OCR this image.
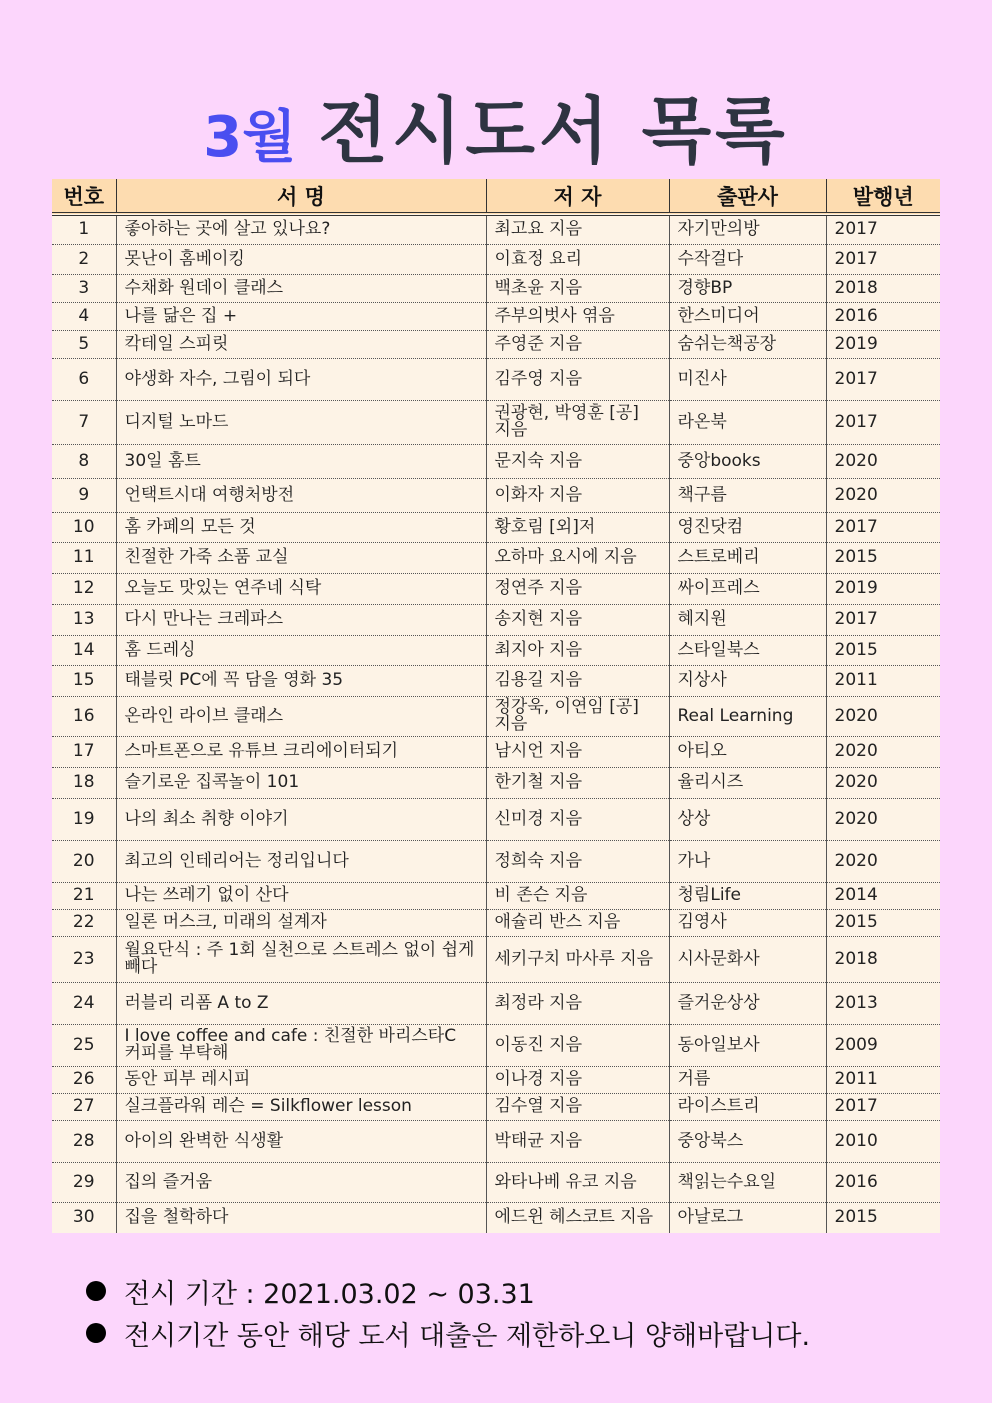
3월 전시도서 목록
번호	서 명	저 자	출판사	발행년
1	좋아하는 곳에 살고 있나요?	최고요 지음	자기만의방	2017
2	못난이 홈베이킹	이효정 요리	수작걸다	2017
3	수채화 원데이 클래스	백초윤 지음	경향BP	2018
4	나를 닮은 집 +	주부의벗사 엮음	한스미디어	2016
5	칵테일 스피릿	주영준 지음	숨쉬는책공장	2019
6	야생화 자수, 그림이 되다	김주영 지음	미진사	2017
7	디지털 노마드	권광현, 박영훈 [공]지음	라온북	2017
8	30일 홈트	문지숙 지음	중앙books	2020
9	언택트시대 여행처방전	이화자 지음	책구름	2020
10	홈 카페의 모든 것	황호림 [외]저	영진닷컴	2017
11	친절한 가죽 소품 교실	오하마 요시에 지음	스트로베리	2015
12	오늘도 맛있는 연주네 식탁	정연주 지음	싸이프레스	2019
13	다시 만나는 크레파스	송지현 지음	혜지원	2017
14	홈 드레싱	최지아 지음	스타일북스	2015
15	태블릿 PC에 꼭 담을 영화 35	김용길 지음	지상사	2011
16	온라인 라이브 클래스	정강욱, 이연임 [공]지음	Real Learning	2020
17	스마트폰으로 유튜브 크리에이터되기	남시언 지음	아티오	2020
18	슬기로운 집콕놀이 101	한기철 지음	율리시즈	2020
19	나의 최소 취향 이야기	신미경 지음	상상	2020
20	최고의 인테리어는 정리입니다	정희숙 지음	가나	2020
21	나는 쓰레기 없이 산다	비 존슨 지음	청림Life	2014
22	일론 머스크, 미래의 설계자	애슐리 반스 지음	김영사	2015
23	월요단식 : 주 1회 실천으로 스트레스 없이 쉽게 빼다	세키구치 마사루 지음	시사문화사	2018
24	러블리 리폼 A to Z	최정라 지음	즐거운상상	2013
25	I love coffee and cafe : 친절한 바리스타C 커피를 부탁해	이동진 지음	동아일보사	2009
26	동안 피부 레시피	이나경 지음	거름	2011
27	실크플라워 레슨 = Silkflower lesson	김수열 지음	라이스트리	2017
28	아이의 완벽한 식생활	박태균 지음	중앙북스	2010
29	집의 즐거움	와타나베 유코 지음	책읽는수요일	2016
30	집을 철학하다	에드윈 헤스코트 지음	아날로그	2015
전시 기간 : 2021.03.02 ~ 03.31
전시기간 동안 해당 도서 대출은 제한하오니 양해바랍니다.
